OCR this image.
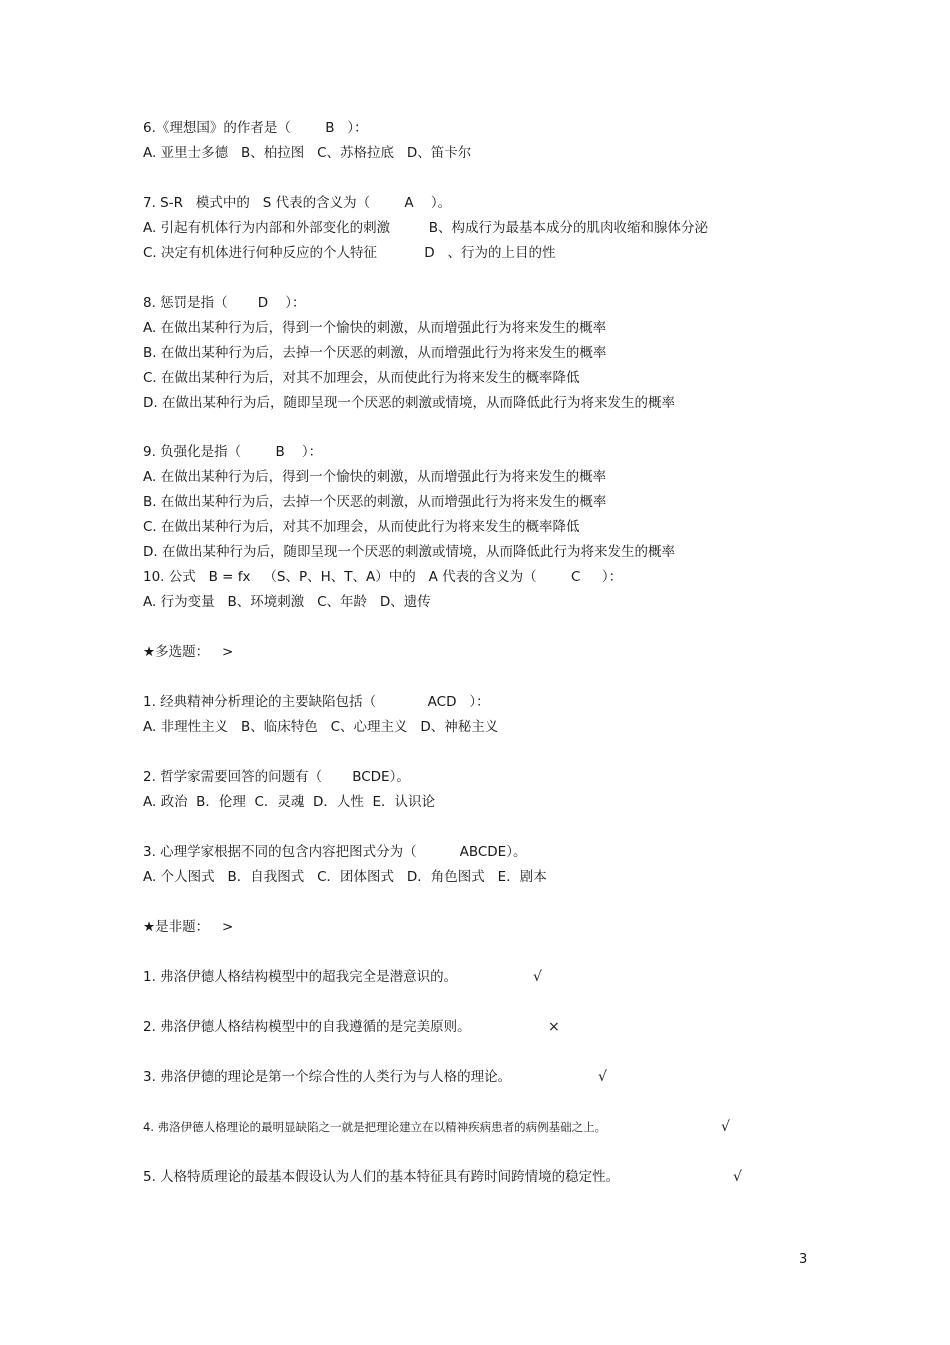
6.《理想国》的作者是（        B   ）：
A. 亚里士多德   B、柏拉图   C、苏格拉底   D、笛卡尔
7. S-R   模式中的   S 代表的含义为（        A    ）。
A. 引起有机体行为内部和外部变化的刺激         B、构成行为最基本成分的肌肉收缩和腺体分泌
C. 决定有机体进行何种反应的个人特征           D   、行为的上目的性
8. 惩罚是指（       D    ）：
A. 在做出某种行为后，得到一个愉快的刺激，从而增强此行为将来发生的概率
B. 在做出某种行为后，去掉一个厌恶的刺激，从而增强此行为将来发生的概率
C. 在做出某种行为后，对其不加理会，从而使此行为将来发生的概率降低
D. 在做出某种行为后，随即呈现一个厌恶的刺激或情境，从而降低此行为将来发生的概率
9. 负强化是指（        B    ）：
A. 在做出某种行为后，得到一个愉快的刺激，从而增强此行为将来发生的概率
B. 在做出某种行为后，去掉一个厌恶的刺激，从而增强此行为将来发生的概率
C. 在做出某种行为后，对其不加理会，从而使此行为将来发生的概率降低
D. 在做出某种行为后，随即呈现一个厌恶的刺激或情境，从而降低此行为将来发生的概率
10. 公式   B = fx   （S、P、H、T、A）中的   A 代表的含义为（        C     ）：
A. 行为变量   B、环境刺激   C、年龄   D、遗传
★多选题：   >
1. 经典精神分析理论的主要缺陷包括（            ACD   ）：
A. 非理性主义   B、临床特色   C、心理主义   D、神秘主义
2. 哲学家需要回答的问题有（       BCDE）。
A. 政治  B．伦理  C．灵魂  D．人性  E．认识论
3. 心理学家根据不同的包含内容把图式分为（          ABCDE）。
A. 个人图式   B．自我图式   C．团体图式   D．角色图式   E．剧本
★是非题：   >
1. 弗洛伊德人格结构模型中的超我完全是潜意识的。	√
2. 弗洛伊德人格结构模型中的自我遵循的是完美原则。	×
3. 弗洛伊德的理论是第一个综合性的人类行为与人格的理论。	√
4. 弗洛伊德人格理论的最明显缺陷之一就是把理论建立在以精神疾病患者的病例基础之上。	√
5. 人格特质理论的最基本假设认为人们的基本特征具有跨时间跨情境的稳定性。	√
3
